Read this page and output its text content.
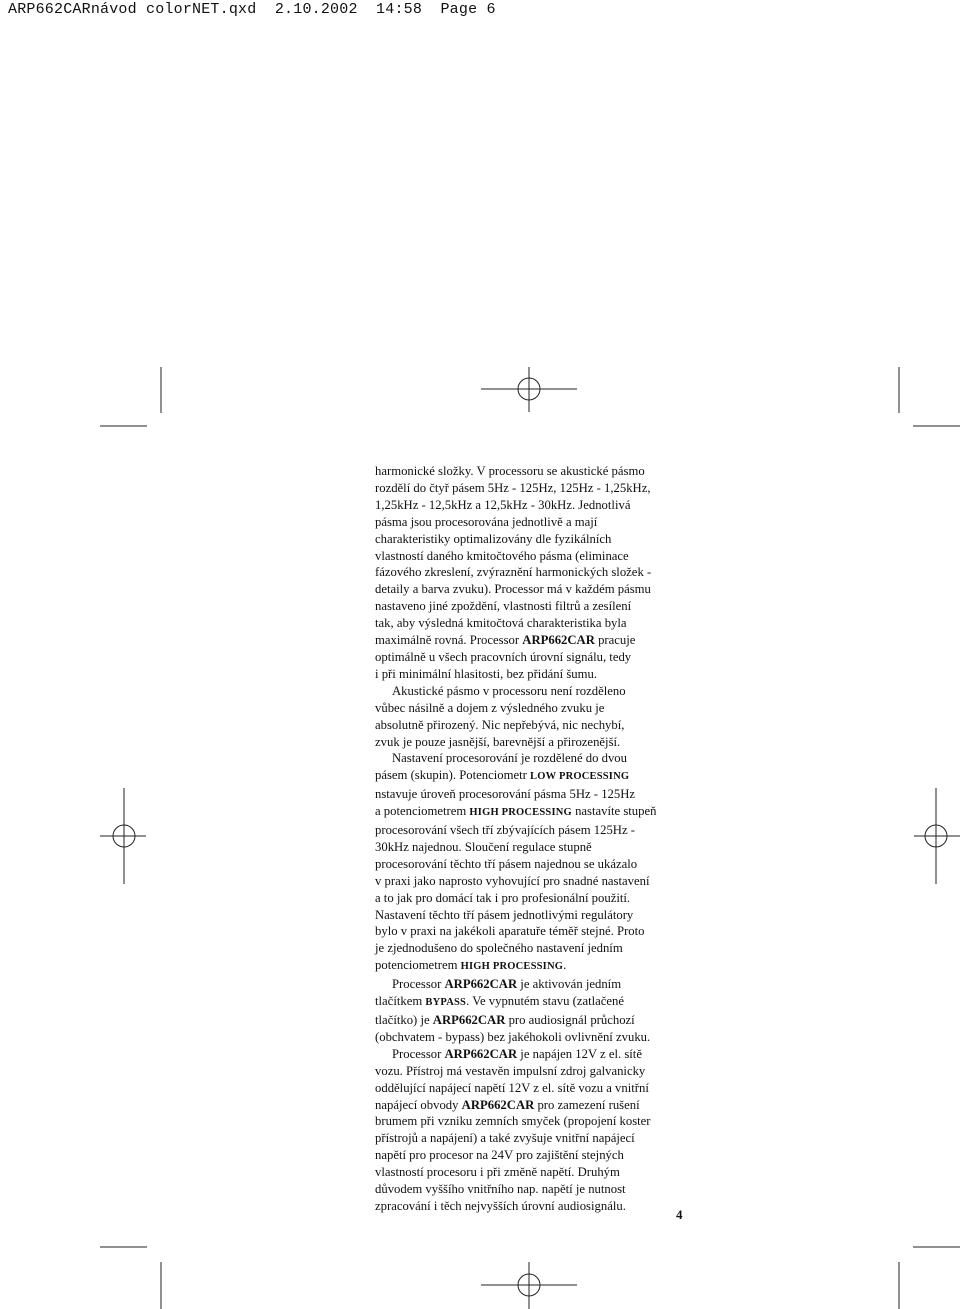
ARP662CARnávod colorNET.qxd  2.10.2002  14:58  Page 6
harmonické složky. V processoru se akustické pásmo
rozdělí do čtyř pásem 5Hz - 125Hz, 125Hz - 1,25kHz,
1,25kHz - 12,5kHz a 12,5kHz - 30kHz. Jednotlivá
pásma jsou procesorována jednotlivě a mají
charakteristiky optimalizovány dle fyzikálních
vlastností daného kmitočtového pásma (eliminace
fázového zkreslení, zvýraznění harmonických složek -
detaily a barva zvuku). Processor má v každém pásmu
nastaveno jiné zpoždění, vlastnosti filtrů a zesílení
tak, aby výsledná kmitočtová charakteristika byla
maximálně rovná. Processor ARP662CAR pracuje
optimálně u všech pracovních úrovní signálu, tedy
i při minimální hlasitosti, bez přidání šumu.
Akustické pásmo v processoru není rozděleno
vůbec násilně a dojem z výsledného zvuku je
absolutně přirozený. Nic nepřebývá, nic nechybí,
zvuk je pouze jasnější, barevnější a přirozenější.
Nastavení procesorování je rozdělené do dvou
pásem (skupin). Potenciometr LOW PROCESSING
nstavuje úroveň procesorování pásma 5Hz - 125Hz
a potenciometrem HIGH PROCESSING nastavíte stupeň
procesorování všech tří zbývajících pásem 125Hz -
30kHz najednou. Sloučení regulace stupně
procesorování těchto tří pásem najednou se ukázalo
v praxi jako naprosto vyhovující pro snadné nastavení
a to jak pro domácí tak i pro profesionální použití.
Nastavení těchto tří pásem jednotlivými regulátory
bylo v praxi na jakékoli aparatuře téměř stejné. Proto
je zjednodušeno do společného nastavení jedním
potenciometrem HIGH PROCESSING.
Processor ARP662CAR je aktivován jedním
tlačítkem BYPASS. Ve vypnutém stavu (zatlačené
tlačítko) je ARP662CAR pro audiosignál průchozí
(obchvatem - bypass) bez jakéhokoli ovlivnění zvuku.
Processor ARP662CAR je napájen 12V z el. sítě
vozu. Přístroj má vestavěn impulsní zdroj galvanicky
oddělující napájecí napětí 12V z el. sítě vozu a vnitřní
napájecí obvody ARP662CAR pro zamezení rušení
brumem při vzniku zemních smyček (propojení koster
přístrojů a napájení) a také zvyšuje vnitřní napájecí
napětí pro procesor na 24V pro zajištění stejných
vlastností procesoru i při změně napětí. Druhým
důvodem vyššího vnitřního nap. napětí je nutnost
zpracování i těch nejvyšších úrovní audiosignálu.
4
